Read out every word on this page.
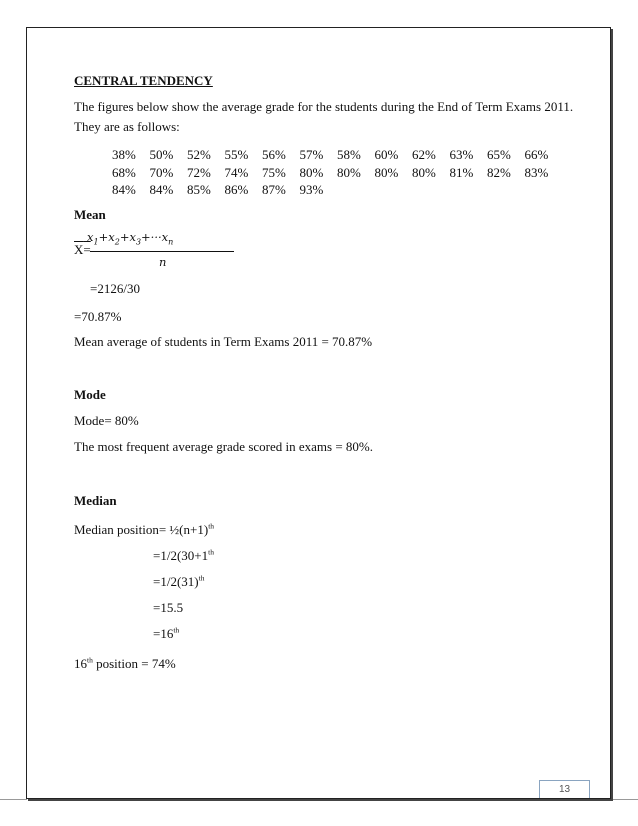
CENTRAL TENDENCY
The figures below show the average grade for the students during the End of Term Exams 2011.
They are as follows:
38%	50%	52%	55%	56%	57%	58%	60%	62%	63%	65%	66%
68%	70%	72%	74%	75%	80%	80%	80%	80%	81%	82%	83%
84%	84%	85%	86%	87%	93%
Mean
$x_1+x_2+x_3+\cdot\cdot\cdot x_n$
X=
n
=2126/30
=70.87%
Mean average of students in Term Exams 2011 = 70.87%
Mode
Mode= 80%
The most frequent average grade scored in exams = 80%.
Median
Median position= $\frac{1}{2}(n+1)^{th}$
=1/2(30+1th
$=1/2(31)^{th}$
=15.5
=16th
16th position = 74%
13
